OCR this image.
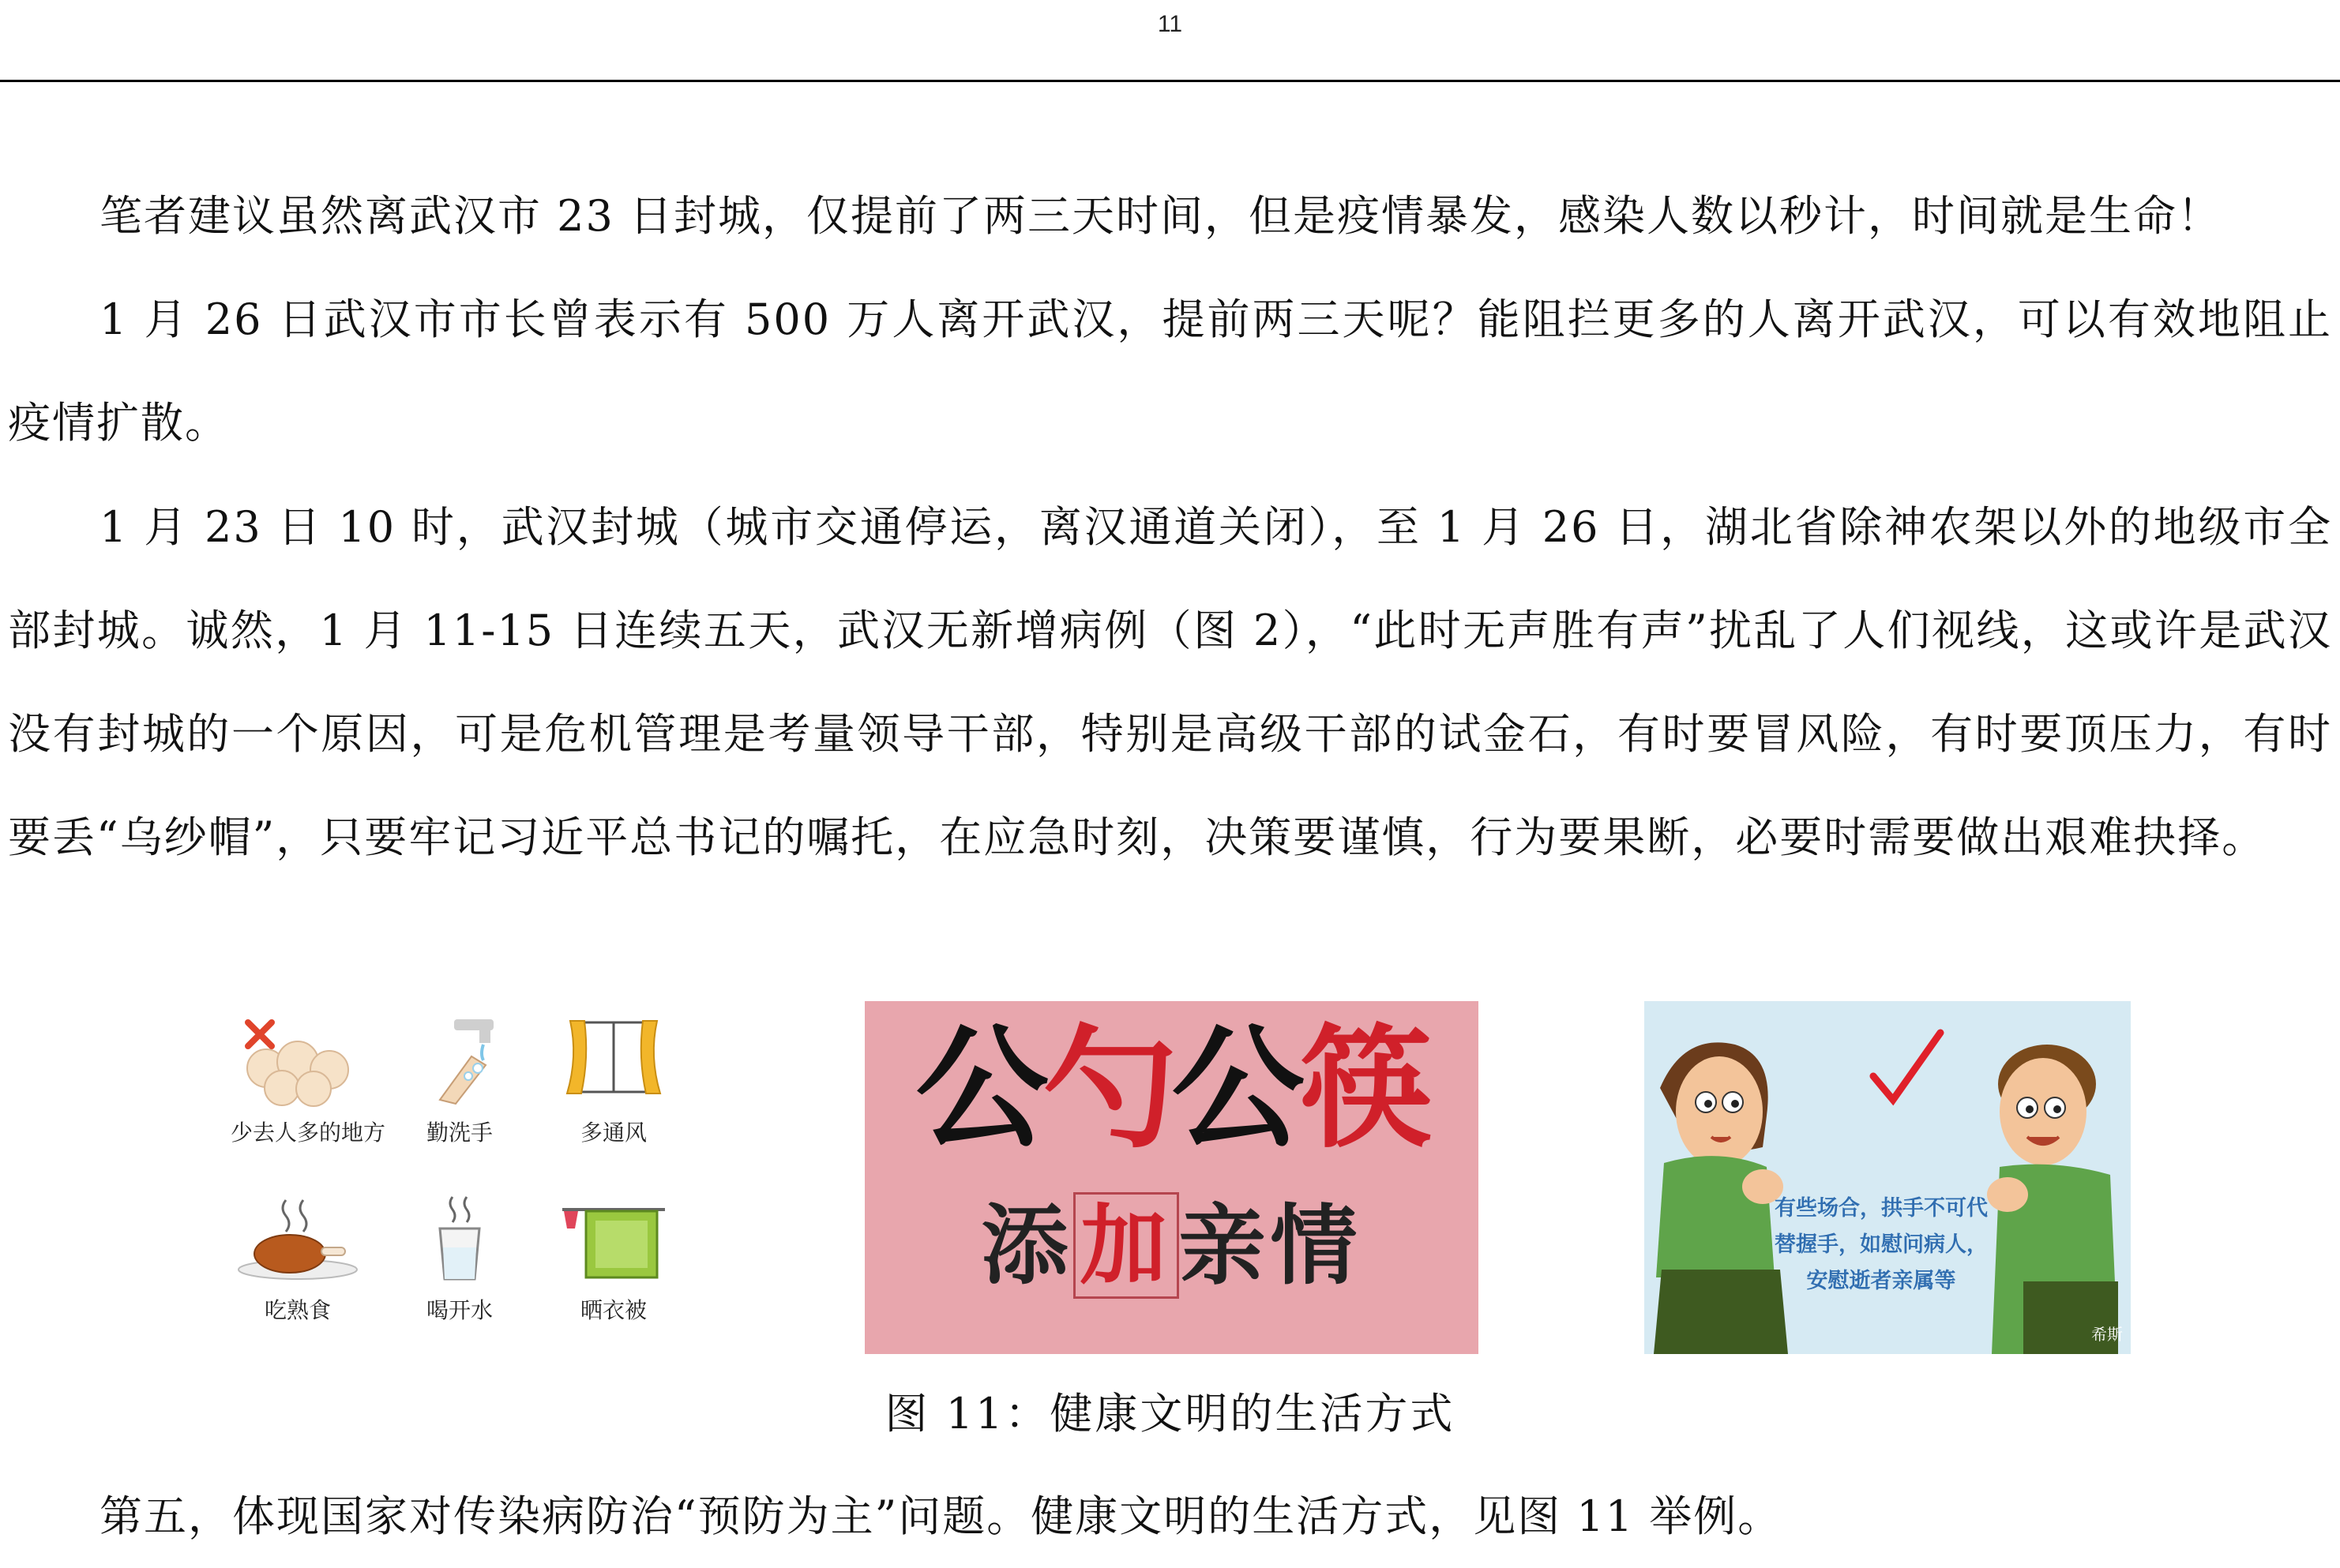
11

笔者建议虽然离武汉市 23 日封城，仅提前了两三天时间，但是疫情暴发，感染人数以秒计，时间就是生命！

1 月 26 日武汉市市长曾表示有 500 万人离开武汉，提前两三天呢？能阻拦更多的人离开武汉，可以有效地阻止疫情扩散。

1 月 23 日 10 时，武汉封城（城市交通停运，离汉通道关闭），至 1 月 26 日，湖北省除神农架以外的地级市全部封城。诚然，1 月 11-15 日连续五天，武汉无新增病例（图 2），“此时无声胜有声”扰乱了人们视线，这或许是武汉没有封城的一个原因，可是危机管理是考量领导干部，特别是高级干部的试金石，有时要冒风险，有时要顶压力，有时要丢“乌纱帽”，只要牢记习近平总书记的嘱托，在应急时刻，决策要谨慎，行为要果断，必要时需要做出艰难抉择。

少去人多的地方	勤洗手	多通风
吃熟食	喝开水	晒衣被
公勺公筷
添加亲情	有些场合，拱手不可代替握手，如慰问病人，安慰逝者亲属等
希斯
图 11：健康文明的生活方式

第五，体现国家对传染病防治“预防为主”问题。健康文明的生活方式，见图 11 举例。
